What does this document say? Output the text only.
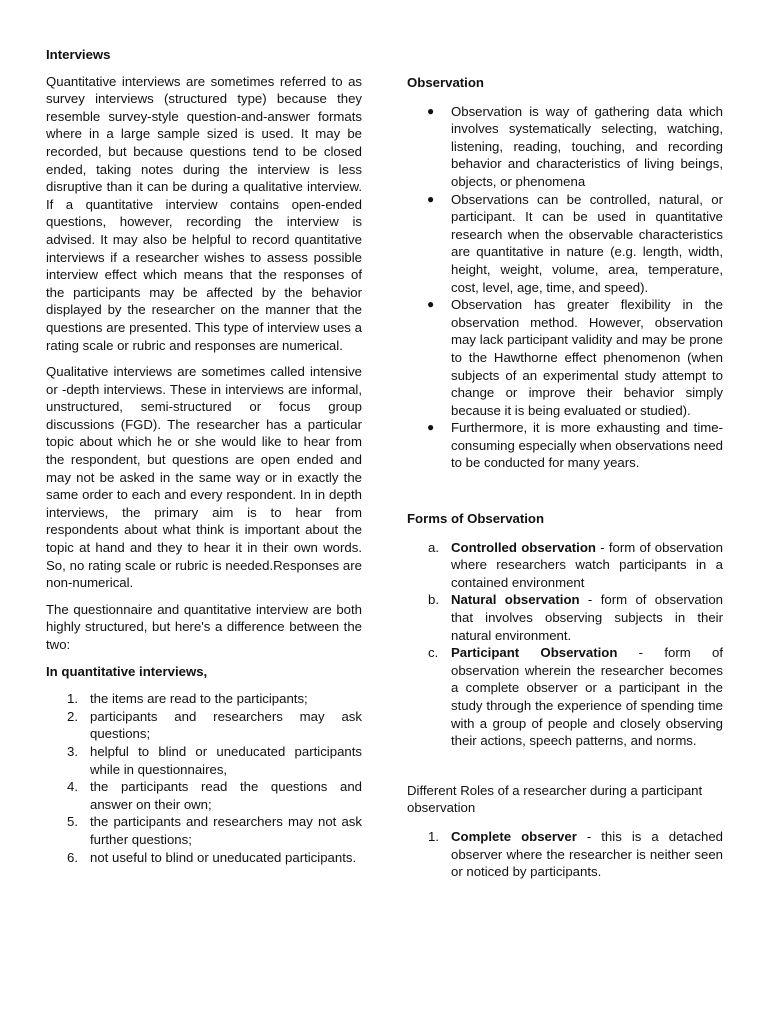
Interviews

Quantitative interviews are sometimes referred to as survey interviews (structured type) because they resemble survey-style question-and-answer formats where in a large sample sized is used. It may be recorded, but because questions tend to be closed ended, taking notes during the interview is less disruptive than it can be during a qualitative interview. If a quantitative interview contains open-ended questions, however, recording the interview is advised. It may also be helpful to record quantitative interviews if a researcher wishes to assess possible interview effect which means that the responses of the participants may be affected by the behavior displayed by the researcher on the manner that the questions are presented. This type of interview uses a rating scale or rubric and responses are numerical.

Qualitative interviews are sometimes called intensive or -depth interviews. These in interviews are informal, unstructured, semi-structured or focus group discussions (FGD). The researcher has a particular topic about which he or she would like to hear from the respondent, but questions are open ended and may not be asked in the same way or in exactly the same order to each and every respondent. In in depth interviews, the primary aim is to hear from respondents about what think is important about the topic at hand and they to hear it in their own words. So, no rating scale or rubric is needed.Responses are non-numerical.

The questionnaire and quantitative interview are both highly structured, but here's a difference between the two:

In quantitative interviews,
1. the items are read to the participants;
2. participants and researchers may ask questions;
3. helpful to blind or uneducated participants while in questionnaires,
4. the participants read the questions and answer on their own;
5. the participants and researchers may not ask further questions;
6. not useful to blind or uneducated participants.
Observation
● Observation is way of gathering data which involves systematically selecting, watching, listening, reading, touching, and recording behavior and characteristics of living beings, objects, or phenomena
● Observations can be controlled, natural, or participant. It can be used in quantitative research when the observable characteristics are quantitative in nature (e.g. length, width, height, weight, volume, area, temperature, cost, level, age, time, and speed).
● Observation has greater flexibility in the observation method. However, observation may lack participant validity and may be prone to the Hawthorne effect phenomenon (when subjects of an experimental study attempt to change or improve their behavior simply because it is being evaluated or studied).
● Furthermore, it is more exhausting and time-consuming especially when observations need to be conducted for many years.
Forms of Observation
a. Controlled observation - form of observation where researchers watch participants in a contained environment
b. Natural observation - form of observation that involves observing subjects in their natural environment.
c. Participant Observation - form of observation wherein the researcher becomes a complete observer or a participant in the study through the experience of spending time with a group of people and closely observing their actions, speech patterns, and norms.

Different Roles of a researcher during a participant observation

1. Complete observer - this is a detached observer where the researcher is neither seen or noticed by participants.
